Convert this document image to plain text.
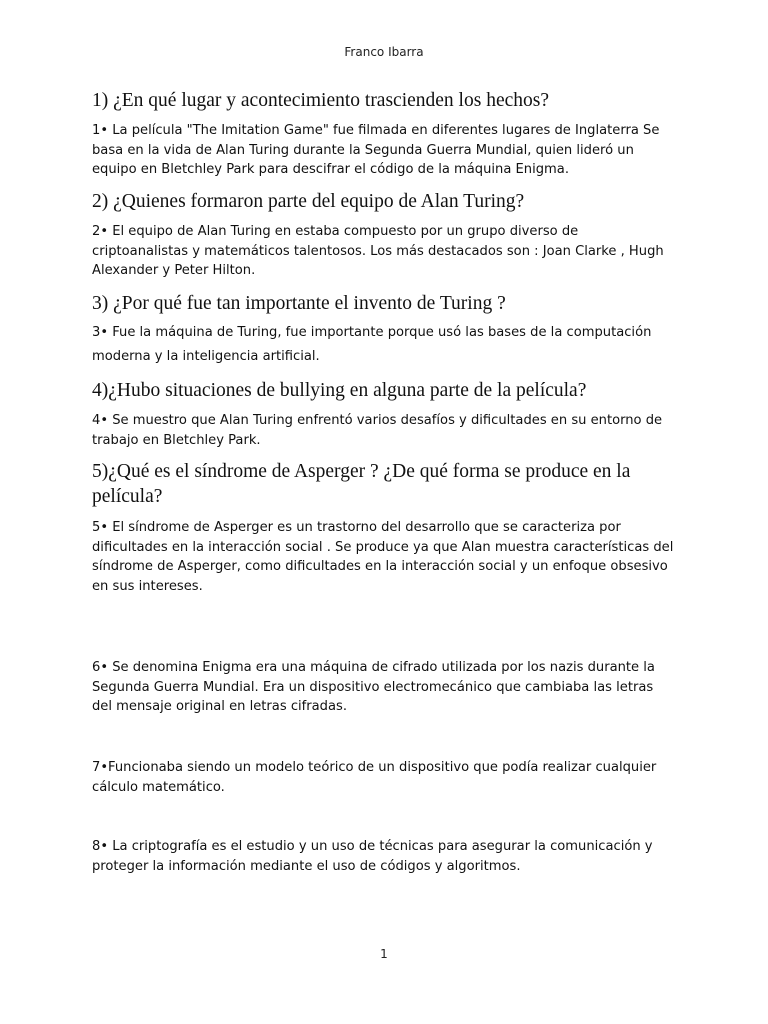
Franco Ibarra

1) ¿En qué lugar y acontecimiento trascienden los hechos?

1• La película "The Imitation Game" fue filmada en diferentes lugares de Inglaterra Se basa en la vida de Alan Turing durante la Segunda Guerra Mundial, quien lideró un equipo en Bletchley Park para descifrar el código de la máquina Enigma.

2) ¿Quienes formaron parte del equipo de Alan Turing?

2• El equipo de Alan Turing en estaba compuesto por un grupo diverso de criptoanalistas y matemáticos talentosos. Los más destacados son : Joan Clarke , Hugh Alexander y Peter Hilton.

3) ¿Por qué fue tan importante el invento de Turing ?

3• Fue la máquina de Turing, fue importante porque usó las bases de la computación moderna y la inteligencia artificial.

4)¿Hubo situaciones de bullying en alguna parte de la película?

4• Se muestro que Alan Turing enfrentó varios desafíos y dificultades en su entorno de trabajo en Bletchley Park.

5)¿Qué es el síndrome de Asperger ? ¿De qué forma se produce en la película?

5• El síndrome de Asperger es un trastorno del desarrollo que se caracteriza por dificultades en la interacción social . Se produce ya que Alan muestra características del síndrome de Asperger, como dificultades en la interacción social y un enfoque obsesivo en sus intereses.

6• Se denomina Enigma era una máquina de cifrado utilizada por los nazis durante la Segunda Guerra Mundial. Era un dispositivo electromecánico que cambiaba las letras del mensaje original en letras cifradas.

7•Funcionaba siendo un modelo teórico de un dispositivo que podía realizar cualquier cálculo matemático.

8• La criptografía es el estudio y un uso de técnicas para asegurar la comunicación y proteger la información mediante el uso de códigos y algoritmos.

1
